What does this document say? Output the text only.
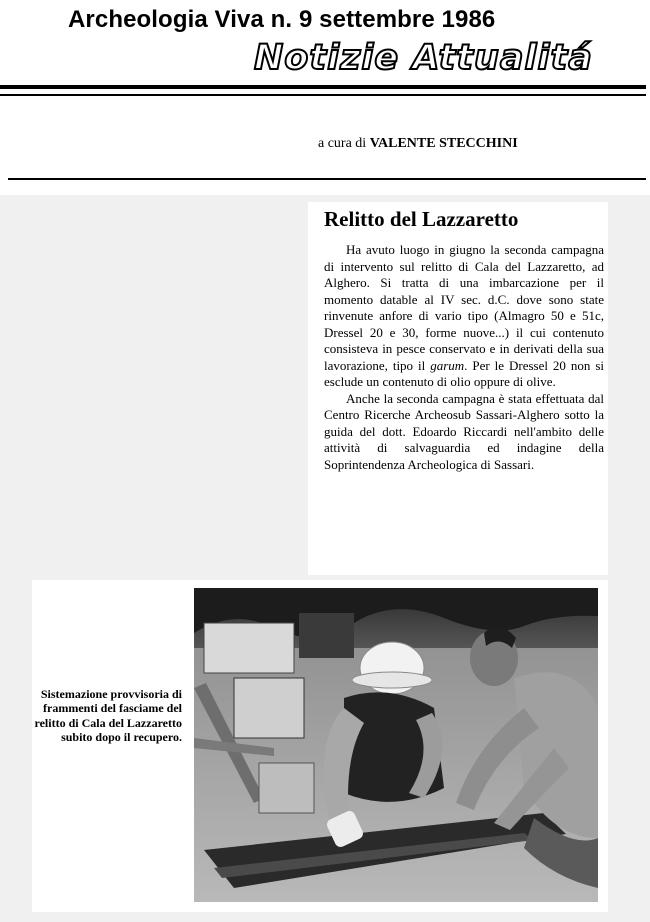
Archeologia Viva n. 9 settembre 1986
Notizie Attualitá
a cura di VALENTE STECCHINI
Relitto del Lazzaretto

Ha avuto luogo in giugno la seconda campagna di intervento sul relitto di Cala del Lazzaretto, ad Alghero. Si tratta di una imbarcazione per il momento datable al IV sec. d.C. dove sono state rinvenute anfore di vario tipo (Almagro 50 e 51c, Dressel 20 e 30, forme nuove...) il cui contenuto consisteva in pesce conservato e in derivati della sua lavorazione, tipo il garum. Per le Dressel 20 non si esclude un contenuto di olio oppure di olive.

Anche la seconda campagna è stata effettuata dal Centro Ricerche Archeosub Sassari-Alghero sotto la guida del dott. Edoardo Riccardi nell'ambito delle attività di salvaguardia ed indagine della Soprintendenza Archeologica di Sassari.

Sistemazione provvisoria di frammenti del fasciame del relitto di Cala del Lazzaretto subito dopo il recupero.
